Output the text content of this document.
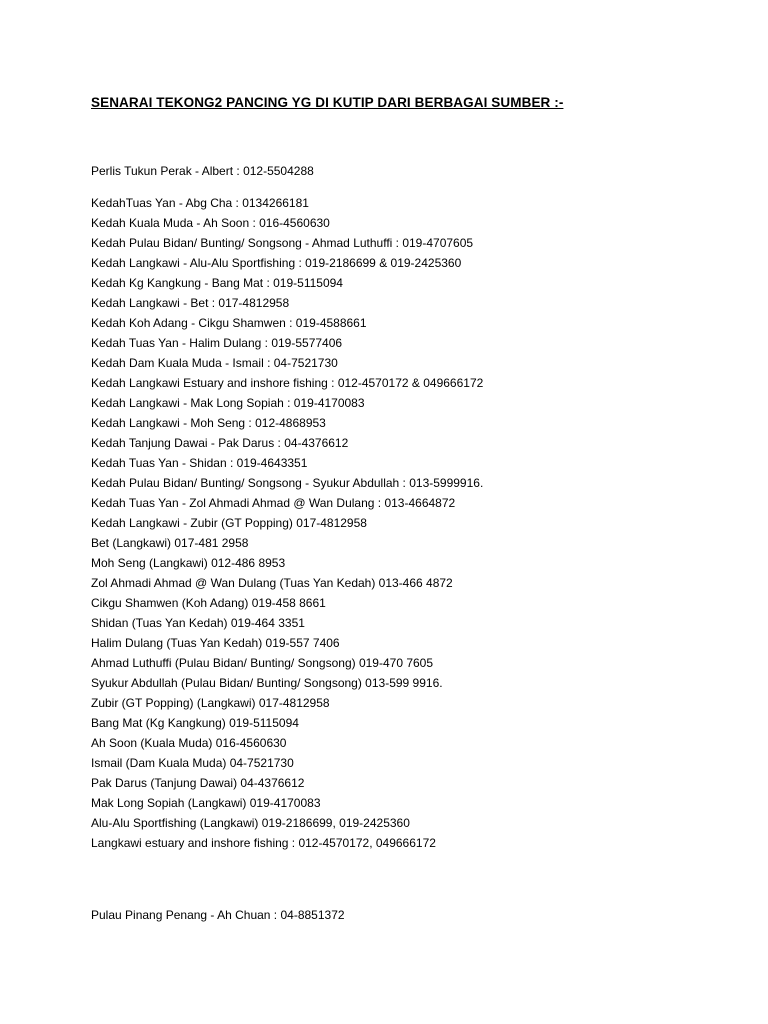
SENARAI TEKONG2 PANCING YG DI KUTIP DARI BERBAGAI SUMBER :-
Perlis Tukun Perak - Albert : 012-5504288
KedahTuas Yan - Abg Cha : 0134266181
Kedah Kuala Muda - Ah Soon : 016-4560630
Kedah Pulau Bidan/ Bunting/ Songsong - Ahmad Luthuffi : 019-4707605
Kedah Langkawi - Alu-Alu Sportfishing : 019-2186699 & 019-2425360
Kedah Kg Kangkung - Bang Mat : 019-5115094
Kedah Langkawi - Bet : 017-4812958
Kedah Koh Adang - Cikgu Shamwen : 019-4588661
Kedah Tuas Yan - Halim Dulang : 019-5577406
Kedah Dam Kuala Muda - Ismail : 04-7521730
Kedah Langkawi Estuary and inshore fishing : 012-4570172 & 049666172
Kedah Langkawi - Mak Long Sopiah : 019-4170083
Kedah Langkawi - Moh Seng : 012-4868953
Kedah Tanjung Dawai - Pak Darus : 04-4376612
Kedah Tuas Yan - Shidan : 019-4643351
Kedah Pulau Bidan/ Bunting/ Songsong - Syukur Abdullah : 013-5999916.
Kedah Tuas Yan - Zol Ahmadi Ahmad @ Wan Dulang : 013-4664872
Kedah Langkawi - Zubir (GT Popping) 017-4812958
Bet (Langkawi) 017-481 2958
Moh Seng (Langkawi) 012-486 8953
Zol Ahmadi Ahmad @ Wan Dulang (Tuas Yan Kedah) 013-466 4872
Cikgu Shamwen (Koh Adang) 019-458 8661
Shidan (Tuas Yan Kedah) 019-464 3351
Halim Dulang (Tuas Yan Kedah) 019-557 7406
Ahmad Luthuffi (Pulau Bidan/ Bunting/ Songsong) 019-470 7605
Syukur Abdullah (Pulau Bidan/ Bunting/ Songsong) 013-599 9916.
Zubir (GT Popping) (Langkawi) 017-4812958
Bang Mat (Kg Kangkung) 019-5115094
Ah Soon (Kuala Muda) 016-4560630
Ismail (Dam Kuala Muda) 04-7521730
Pak Darus (Tanjung Dawai) 04-4376612
Mak Long Sopiah (Langkawi) 019-4170083
Alu-Alu Sportfishing (Langkawi) 019-2186699, 019-2425360
Langkawi estuary and inshore fishing : 012-4570172, 049666172
Pulau Pinang Penang - Ah Chuan : 04-8851372
